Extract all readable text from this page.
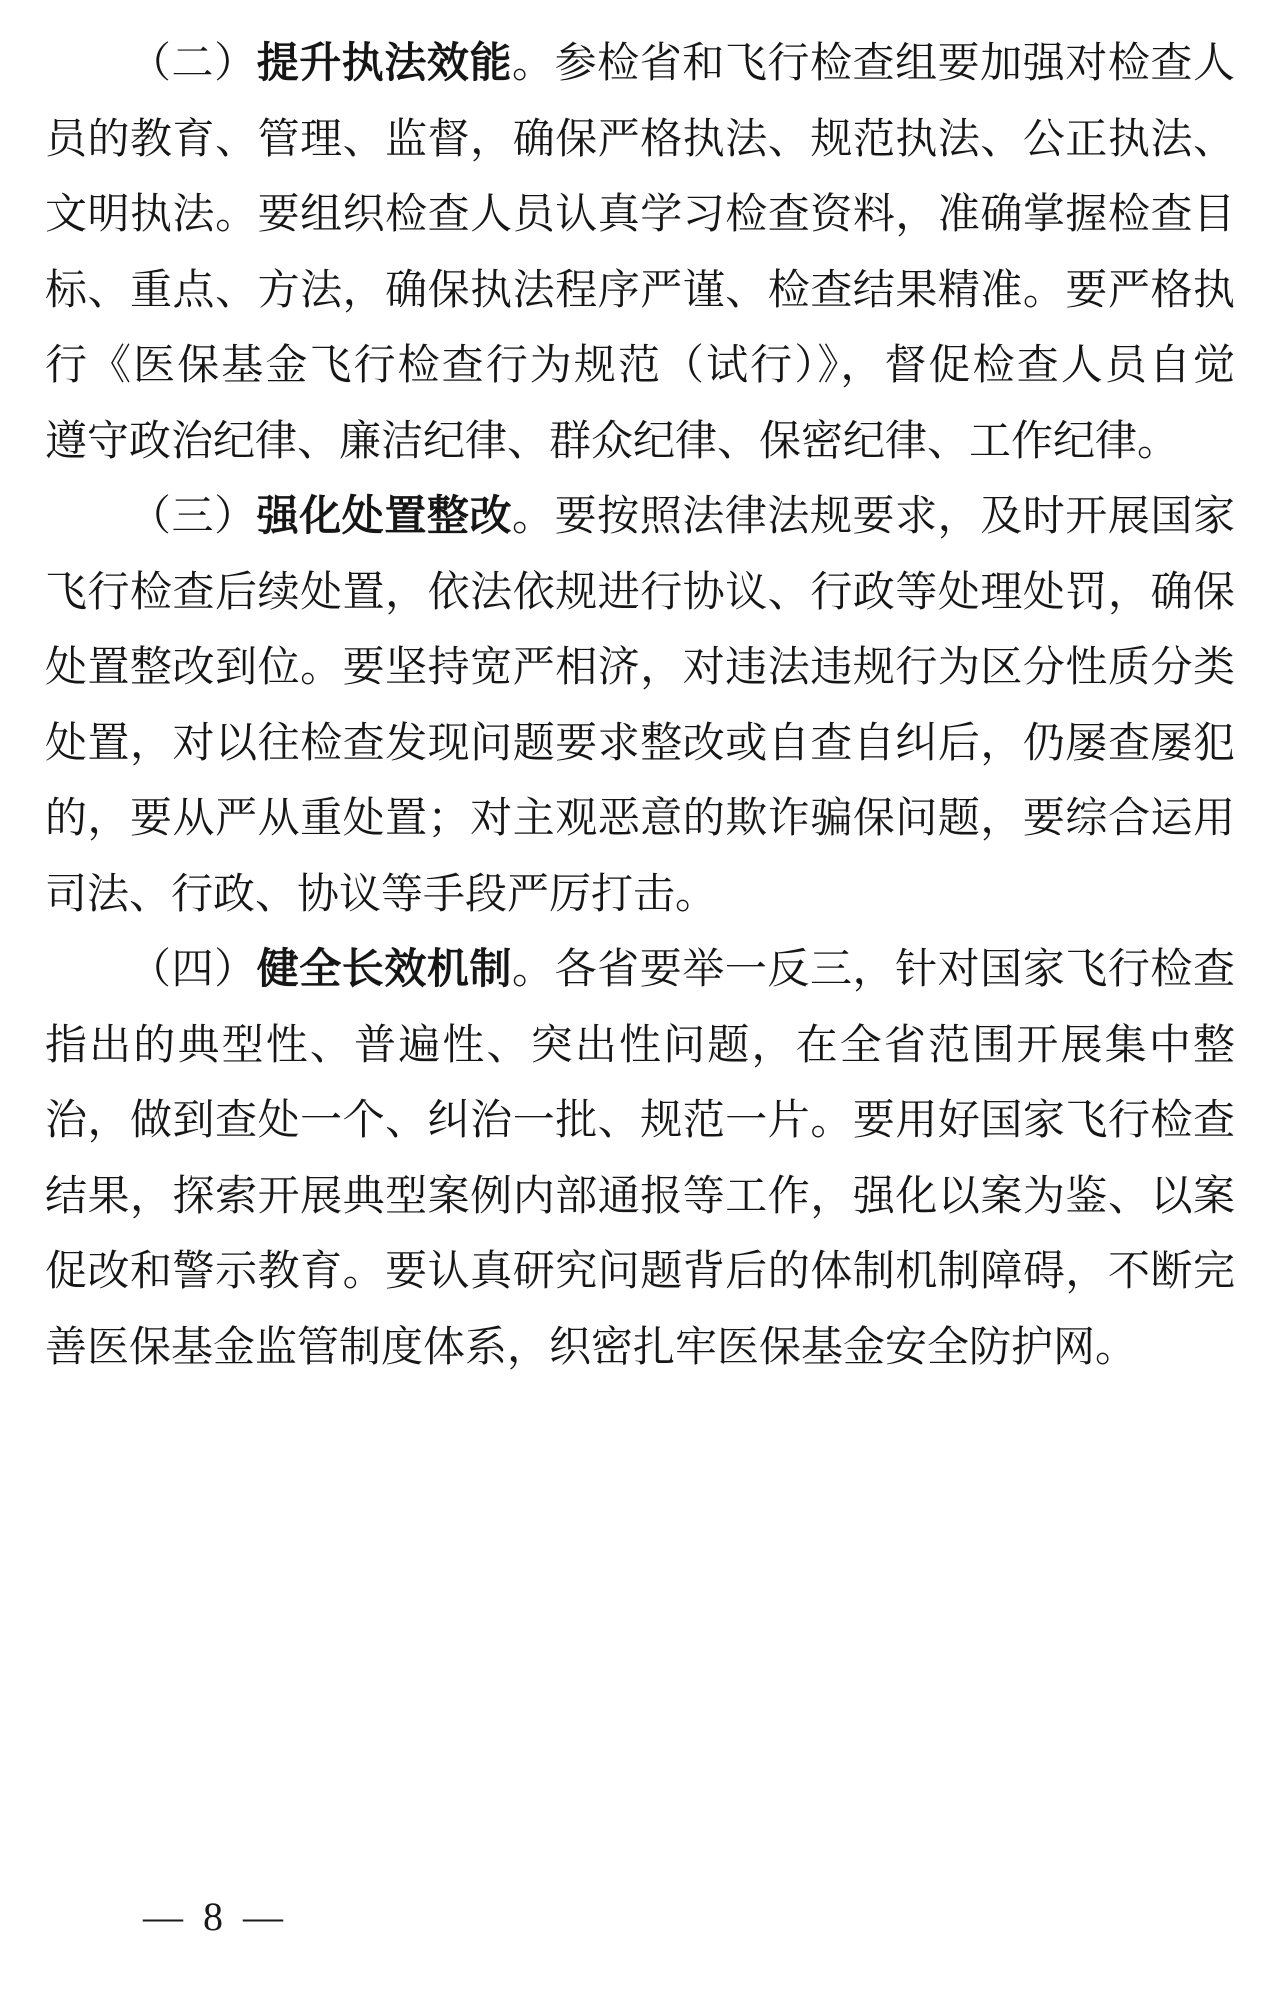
（二）提升执法效能。参检省和飞行检查组要加强对检查人
员的教育、管理、监督，确保严格执法、规范执法、公正执法、
文明执法。要组织检查人员认真学习检查资料，准确掌握检查目
标、重点、方法，确保执法程序严谨、检查结果精准。要严格执
行《医保基金飞行检查行为规范（试行）》，督促检查人员自觉
遵守政治纪律、廉洁纪律、群众纪律、保密纪律、工作纪律。
（三）强化处置整改。要按照法律法规要求，及时开展国家
飞行检查后续处置，依法依规进行协议、行政等处理处罚，确保
处置整改到位。要坚持宽严相济，对违法违规行为区分性质分类
处置，对以往检查发现问题要求整改或自查自纠后，仍屡查屡犯
的，要从严从重处置；对主观恶意的欺诈骗保问题，要综合运用
司法、行政、协议等手段严厉打击。
（四）健全长效机制。各省要举一反三，针对国家飞行检查
指出的典型性、普遍性、突出性问题，在全省范围开展集中整
治，做到查处一个、纠治一批、规范一片。要用好国家飞行检查
结果，探索开展典型案例内部通报等工作，强化以案为鉴、以案
促改和警示教育。要认真研究问题背后的体制机制障碍，不断完
善医保基金监管制度体系，织密扎牢医保基金安全防护网。

— 8 —
